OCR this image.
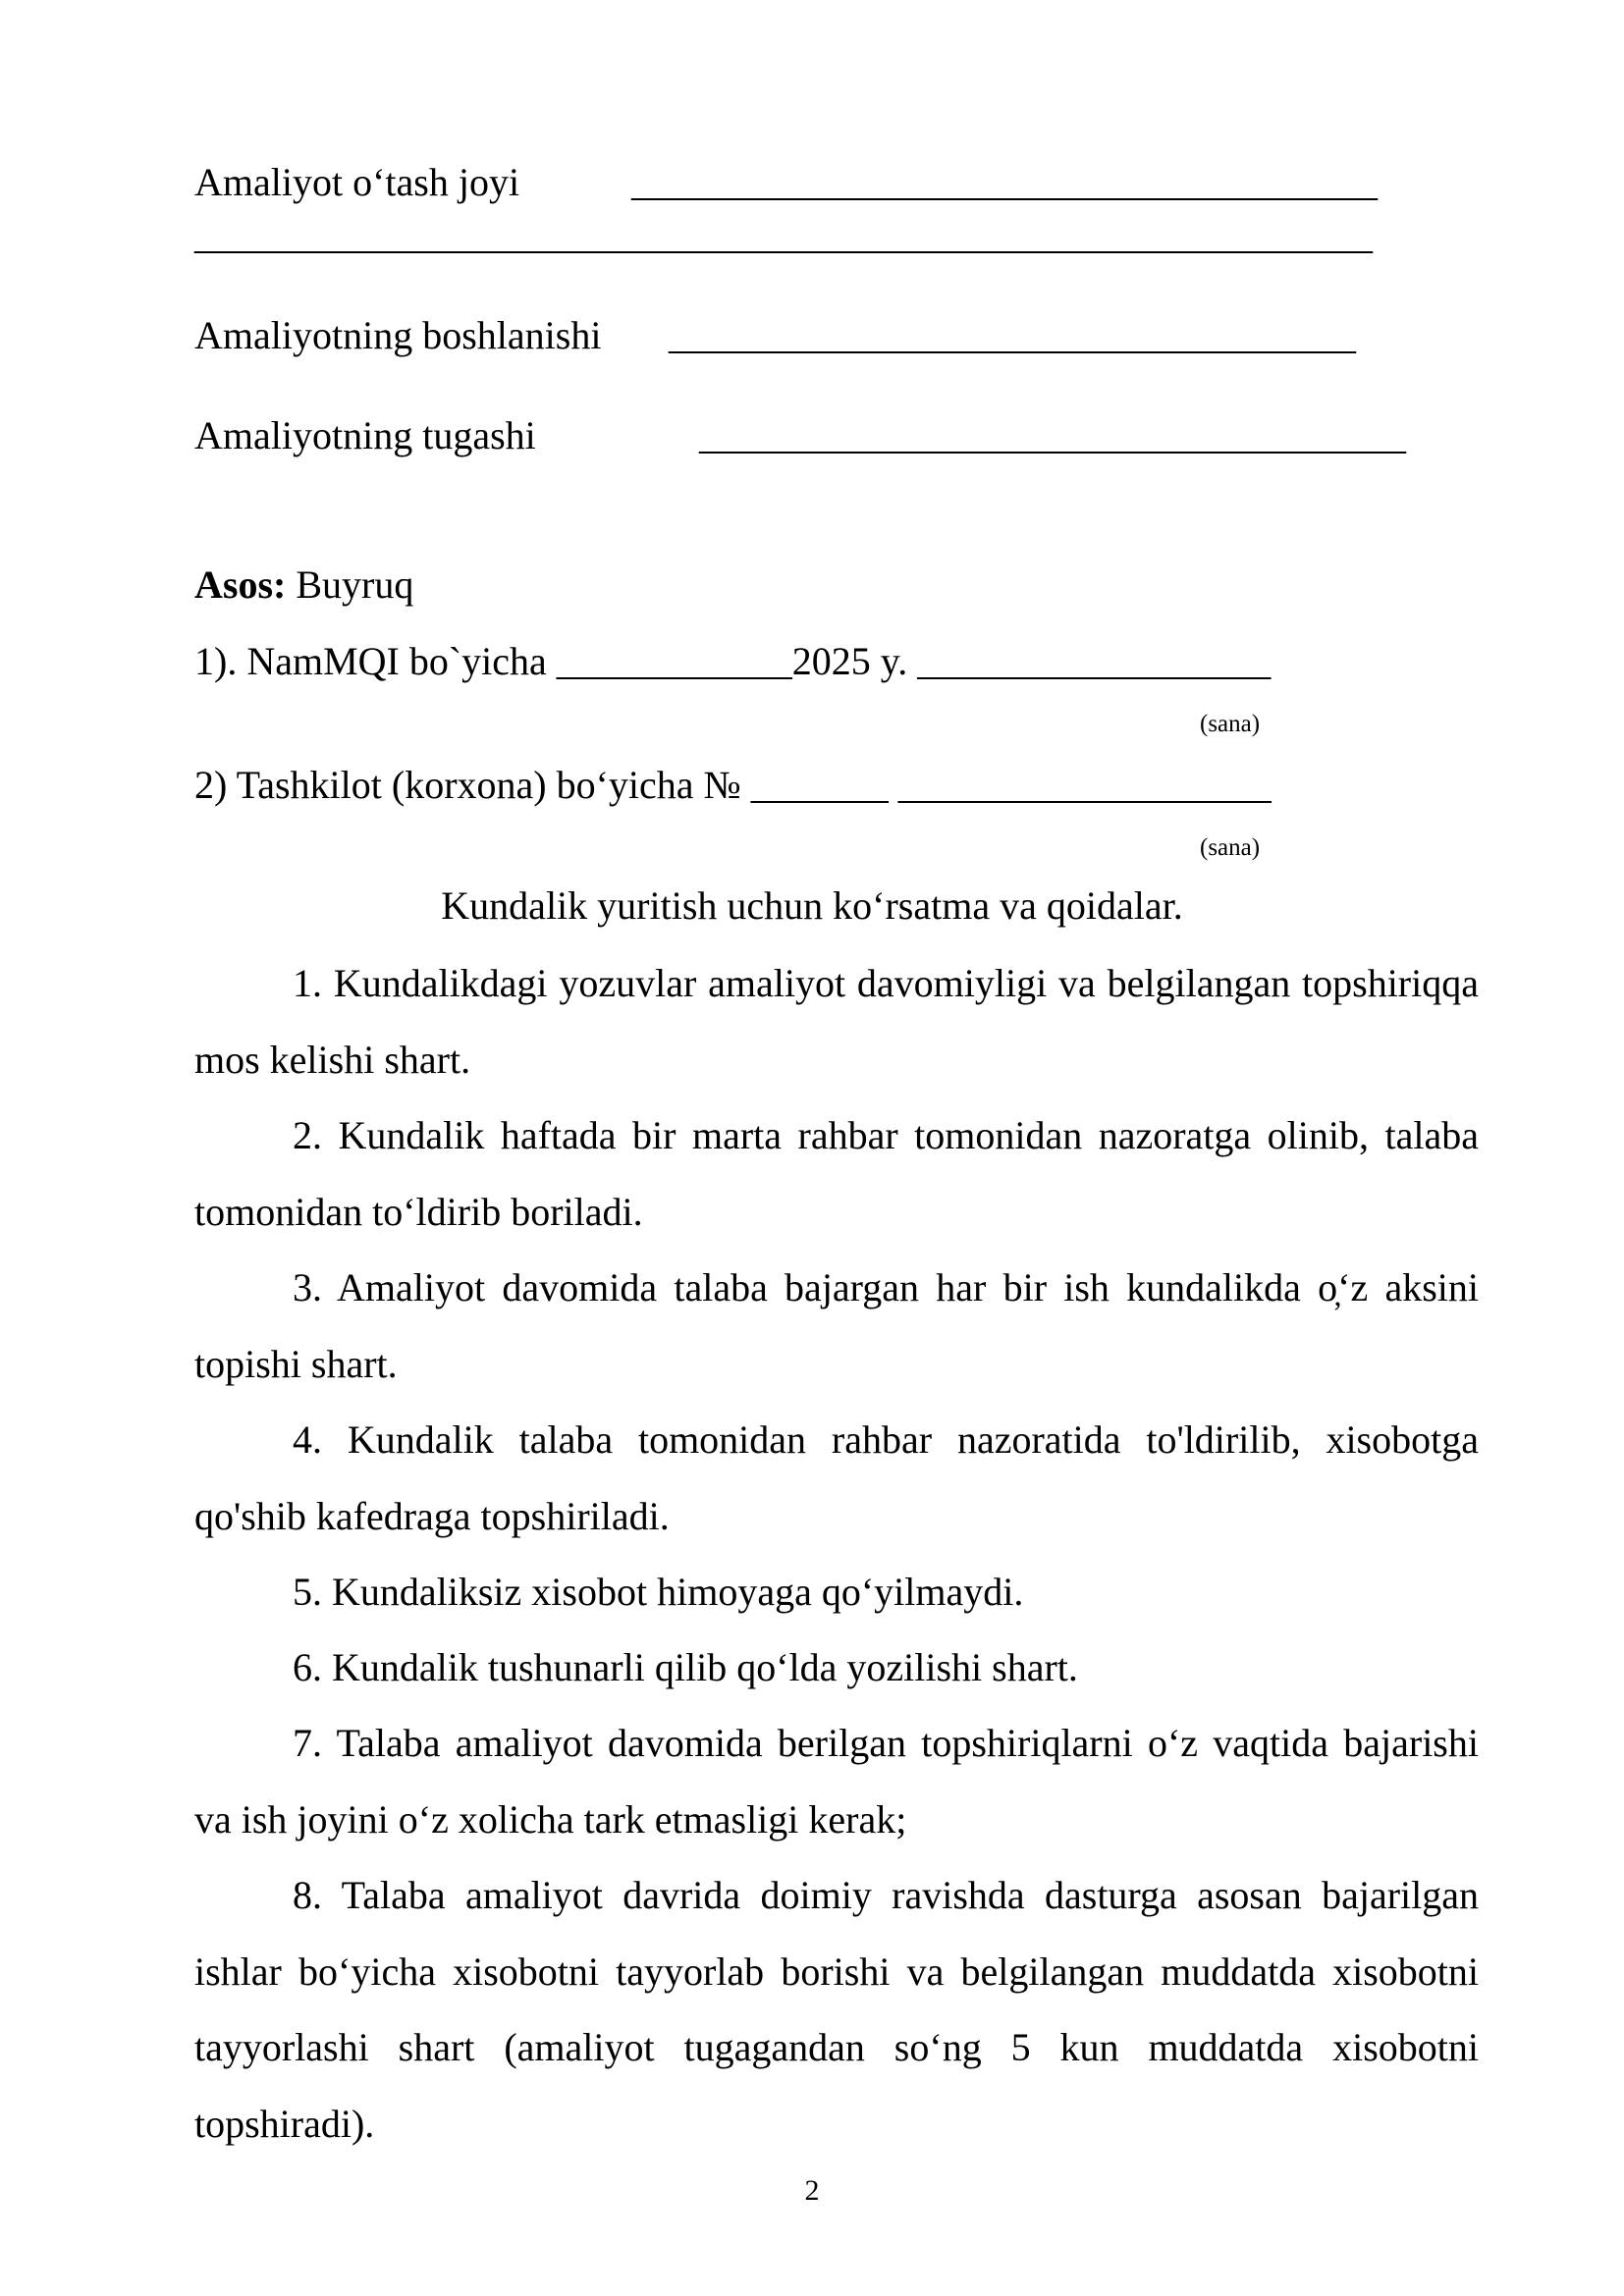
Amaliyot o‘tash joyi	______________________________________
____________________________________________________________
Amaliyotning boshlanishi ___________________________________
Amaliyotning tugashi	____________________________________
Asos: Buyruq
1). NamMQI bo`yicha ____________2025 y. __________________
(sana)
2) Tashkilot (korxona) bo‘yicha № _______ ___________________
(sana)
Kundalik yuritish uchun ko‘rsatma va qoidalar.
1. Kundalikdagi yozuvlar amaliyot davomiyligi va belgilangan topshiriqqa mos kelishi shart.
2. Kundalik haftada bir marta rahbar tomonidan nazoratga olinib, talaba tomonidan to‘ldirib boriladi.
3. Amaliyot davomida talaba bajargan har bir ish kundalikda o̦‘z aksini topishi shart.
4. Kundalik talaba tomonidan rahbar nazoratida to'ldirilib, xisobotga qo'shib kafedraga topshiriladi.
5. Kundaliksiz xisobot himoyaga qo‘yilmaydi.
6. Kundalik tushunarli qilib qo‘lda yozilishi shart.
7. Talaba amaliyot davomida berilgan topshiriqlarni o‘z vaqtida bajarishi va ish joyini o‘z xolicha tark etmasligi kerak;
8. Talaba amaliyot davrida doimiy ravishda dasturga asosan bajarilgan ishlar bo‘yicha xisobotni tayyorlab borishi va belgilangan muddatda xisobotni tayyorlashi shart (amaliyot tugagandan so‘ng 5 kun muddatda xisobotni topshiradi).
2
